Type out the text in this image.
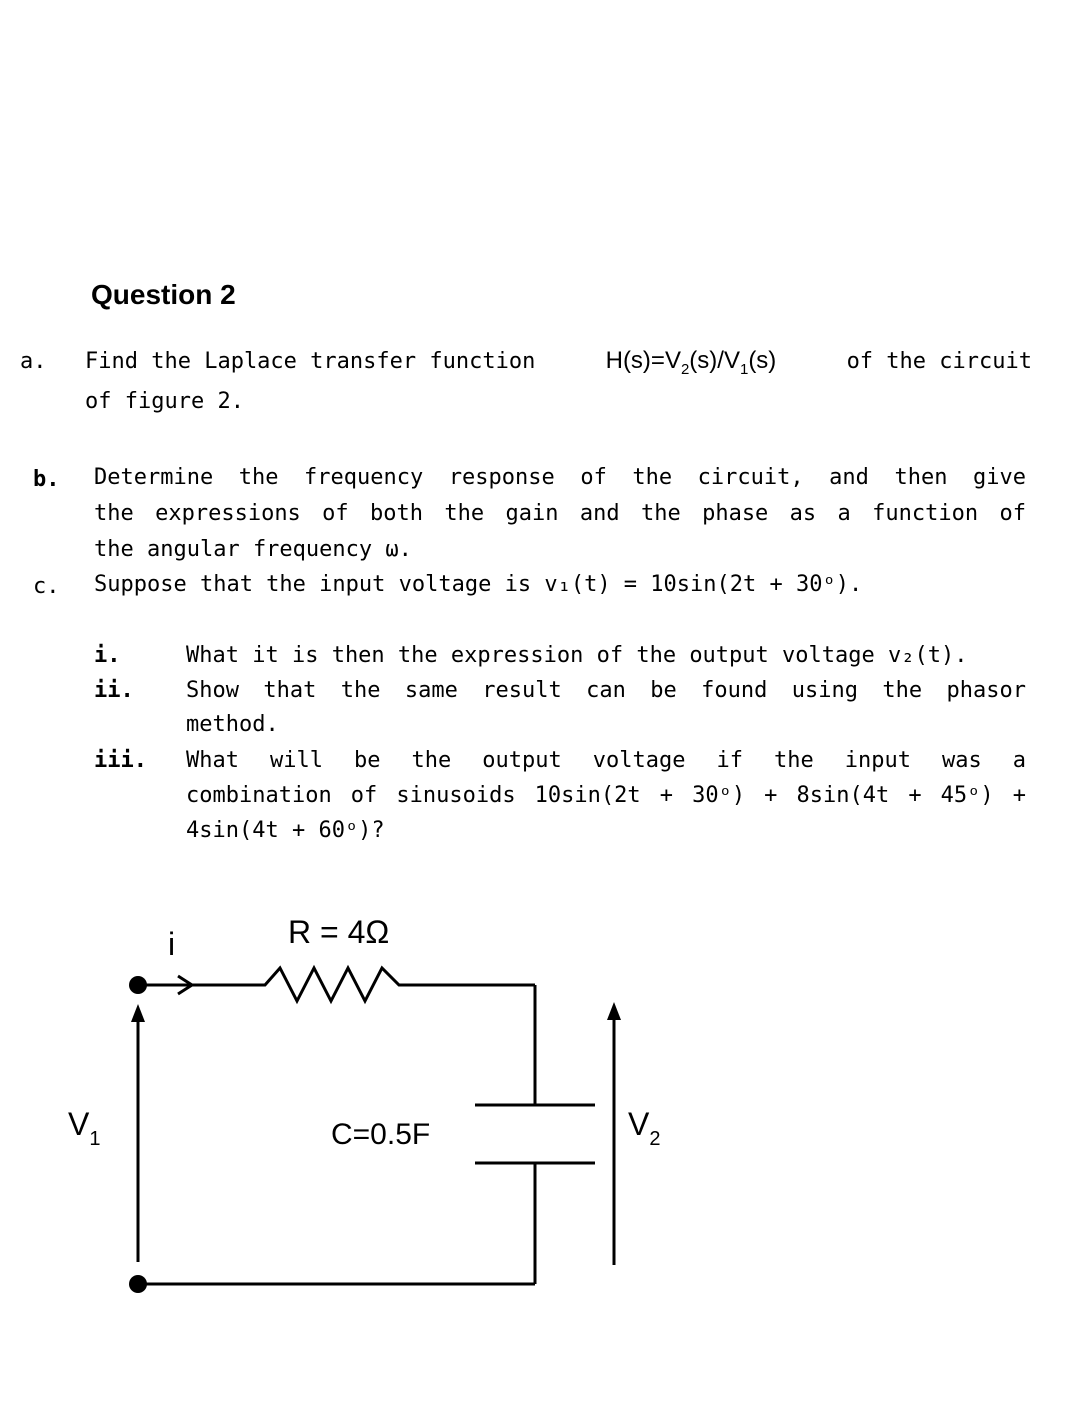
Question 2
a. Find the Laplace transfer function	$H(s)=V_2(s)/V_1(s)$	of the circuit
of figure 2.
b. Determine the frequency response of the circuit, and then give
the expressions of both the gain and the phase as a function of
the angular frequency ω.
c. Suppose that the input voltage is v₁(t) = 10sin(2t + 30ᵒ).
i.	What it is then the expression of the output voltage v₂(t).
ii. Show that the same result can be found using the phasor
method.
iii. What will be the output voltage if the input was a
combination of sinusoids 10sin(2t + 30ᵒ) + 8sin(4t + 45ᵒ) +
4sin(4t + 60ᵒ)?
i	R = 4Ω
C=0.5F
$V_1$	$V_2$
